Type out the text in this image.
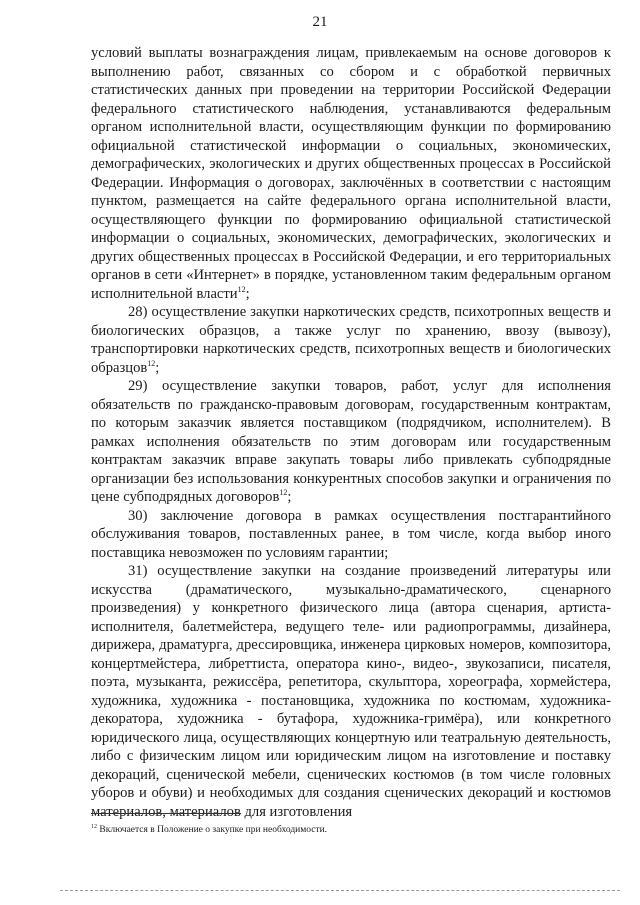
21

условий выплаты вознаграждения лицам, привлекаемым на основе договоров к выполнению работ, связанных со сбором и с обработкой первичных статистических данных при проведении на территории Российской Федерации федерального статистического наблюдения, устанавливаются федеральным органом исполнительной власти, осуществляющим функции по формированию официальной статистической информации о социальных, экономических, демографических, экологических и других общественных процессах в Российской Федерации. Информация о договорах, заключённых в соответствии с настоящим пунктом, размещается на сайте федерального органа исполнительной власти, осуществляющего функции по формированию официальной статистической информации о социальных, экономических, демографических, экологических и других общественных процессах в Российской Федерации, и его территориальных органов в сети «Интернет» в порядке, установленном таким федеральным органом исполнительной власти$^{12}$;

28) осуществление закупки наркотических средств, психотропных веществ и биологических образцов, а также услуг по хранению, ввозу (вывозу), транспортировки наркотических средств, психотропных веществ и биологических образцов$^{12}$;

29) осуществление закупки товаров, работ, услуг для исполнения обязательств по гражданско-правовым договорам, государственным контрактам, по которым заказчик является поставщиком (подрядчиком, исполнителем). В рамках исполнения обязательств по этим договорам или государственным контрактам заказчик вправе закупать товары либо привлекать субподрядные организации без использования конкурентных способов закупки и ограничения по цене субподрядных договоров$^{12}$;

30) заключение договора в рамках осуществления постгарантийного обслуживания товаров, поставленных ранее, в том числе, когда выбор иного поставщика невозможен по условиям гарантии;

31) осуществление закупки на создание произведений литературы или искусства (драматического, музыкально-драматического, сценарного произведения) у конкретного физического лица (автора сценария, артиста-исполнителя, балетмейстера, ведущего теле- или радиопрограммы, дизайнера, дирижера, драматурга, дрессировщика, инженера цирковых номеров, композитора, концертмейстера, либреттиста, оператора кино-, видео-, звукозаписи, писателя, поэта, музыканта, режиссёра, репетитора, скульптора, хореографа, хормейстера, художника, художника - постановщика, художника по костюмам, художника- декоратора, художника - бутафора, художника-гримёра), или конкретного юридического лица, осуществляющих концертную или театральную деятельность, либо с физическим лицом или юридическим лицом на изготовление и поставку декораций, сценической мебели, сценических костюмов (в том числе головных уборов и обуви) и необходимых для создания сценических декораций и костюмов материалов, материалов для изготовления

$^{12}$ Включается в Положение о закупке при необходимости.
